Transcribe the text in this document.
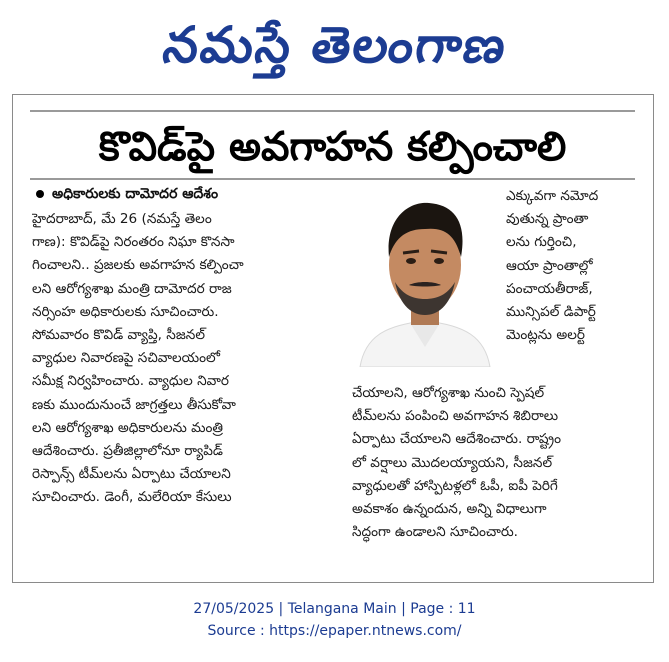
నమస్తే తెలంగాణ
కొవిడ్‌పై అవగాహన కల్పించాలి
అధికారులకు దామోదర ఆదేశం
హైదరాబాద్, మే 26 (నమస్తే తెలం
గాణ): కొవిడ్‌పై నిరంతరం నిఘా కొనసా
గించాలని.. ప్రజలకు అవగాహన కల్పించా
లని ఆరోగ్యశాఖ మంత్రి దామోదర రాజ
నర్సింహ అధికారులకు సూచించారు.
సోమవారం కొవిడ్ వ్యాప్తి, సీజనల్
వ్యాధుల నివారణపై సచివాలయంలో
సమీక్ష నిర్వహించారు. వ్యాధుల నివార
ణకు ముందునుంచే జాగ్రత్తలు తీసుకోవా
లని ఆరోగ్యశాఖ అధికారులను మంత్రి
ఆదేశించారు. ప్రతీజిల్లాలోనూ ర్యాపిడ్
రెస్పాన్స్ టీమ్‌లను ఏర్పాటు చేయాలని
సూచించారు. డెంగీ, మలేరియా కేసులు
ఎక్కువగా నమోద
వుతున్న ప్రాంతా
లను గుర్తించి,
ఆయా ప్రాంతాల్లో
పంచాయతీరాజ్,
మున్సిపల్ డిపార్ట్
మెంట్లను అలర్ట్
చేయాలని, ఆరోగ్యశాఖ నుంచి స్పెషల్
టీమ్‌లను పంపించి అవగాహన శిబిరాలు
ఏర్పాటు చేయాలని ఆదేశించారు. రాష్ట్రం
లో వర్షాలు మొదలయ్యాయని, సీజనల్
వ్యాధులతో హాస్పిటళ్లలో ఓపీ, ఐపీ పెరిగే
అవకాశం ఉన్నందున, అన్ని విధాలుగా
సిద్ధంగా ఉండాలని సూచించారు.
27/05/2025 | Telangana Main | Page : 11
Source : https://epaper.ntnews.com/
